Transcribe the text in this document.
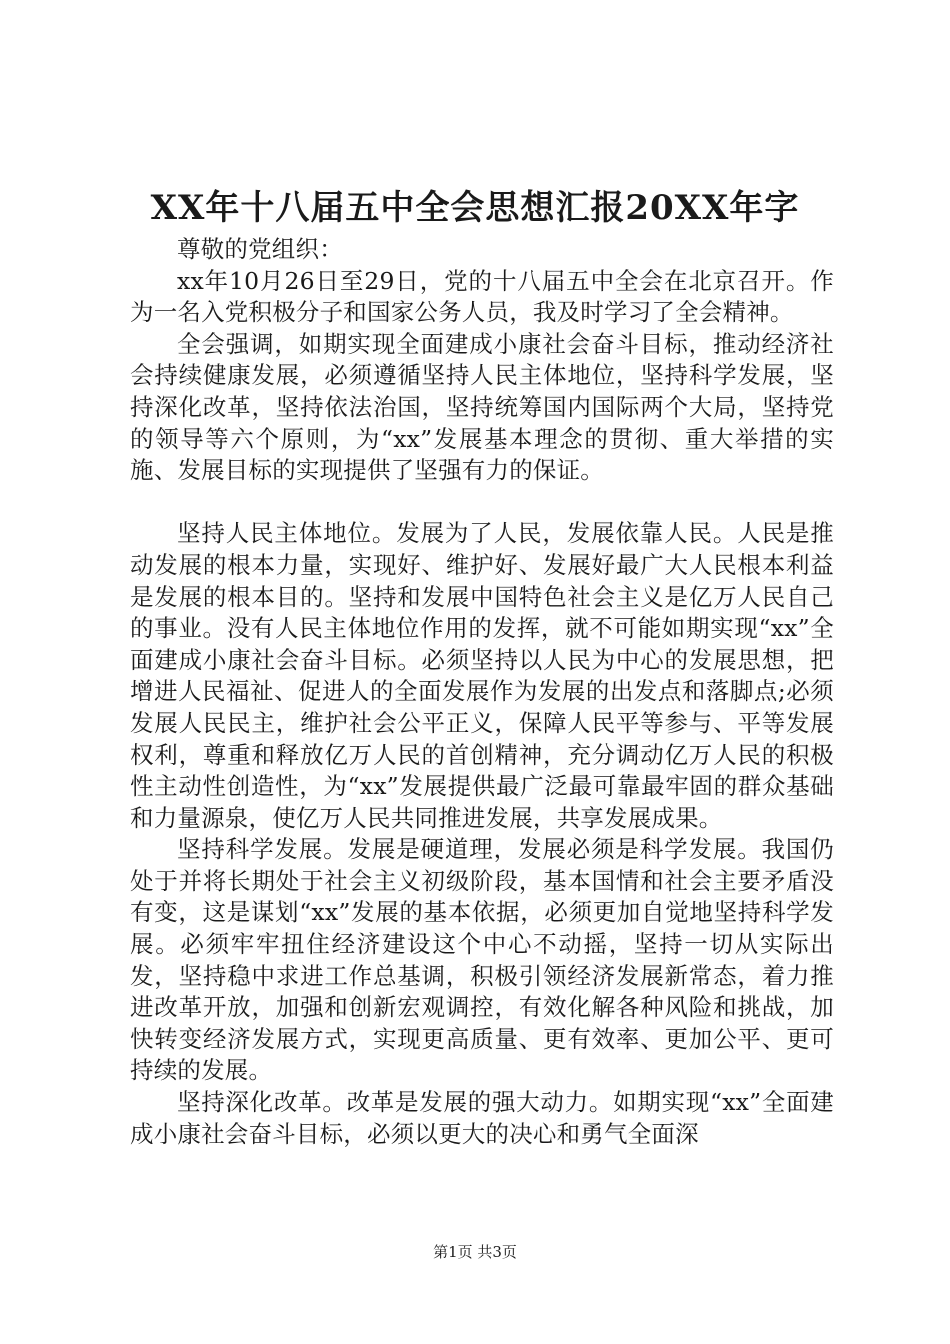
XX年十八届五中全会思想汇报20XX年字

尊敬的党组织：

xx年10月26日至29日，党的十八届五中全会在北京召开。作为一名入党积极分子和国家公务人员，我及时学习了全会精神。

全会强调，如期实现全面建成小康社会奋斗目标，推动经济社会持续健康发展，必须遵循坚持人民主体地位，坚持科学发展，坚持深化改革，坚持依法治国，坚持统筹国内国际两个大局，坚持党的领导等六个原则，为“xx”发展基本理念的贯彻、重大举措的实施、发展目标的实现提供了坚强有力的保证。

坚持人民主体地位。发展为了人民，发展依靠人民。人民是推动发展的根本力量，实现好、维护好、发展好最广大人民根本利益是发展的根本目的。坚持和发展中国特色社会主义是亿万人民自己的事业。没有人民主体地位作用的发挥，就不可能如期实现“xx”全面建成小康社会奋斗目标。必须坚持以人民为中心的发展思想，把增进人民福祉、促进人的全面发展作为发展的出发点和落脚点;必须发展人民民主，维护社会公平正义，保障人民平等参与、平等发展权利，尊重和释放亿万人民的首创精神，充分调动亿万人民的积极性主动性创造性，为“xx”发展提供最广泛最可靠最牢固的群众基础和力量源泉，使亿万人民共同推进发展，共享发展成果。

坚持科学发展。发展是硬道理，发展必须是科学发展。我国仍处于并将长期处于社会主义初级阶段，基本国情和社会主要矛盾没有变，这是谋划“xx”发展的基本依据，必须更加自觉地坚持科学发展。必须牢牢扭住经济建设这个中心不动摇，坚持一切从实际出发，坚持稳中求进工作总基调，积极引领经济发展新常态，着力推进改革开放，加强和创新宏观调控，有效化解各种风险和挑战，加快转变经济发展方式，实现更高质量、更有效率、更加公平、更可持续的发展。

坚持深化改革。改革是发展的强大动力。如期实现“xx”全面建成小康社会奋斗目标，必须以更大的决心和勇气全面深

第1页 共3页
